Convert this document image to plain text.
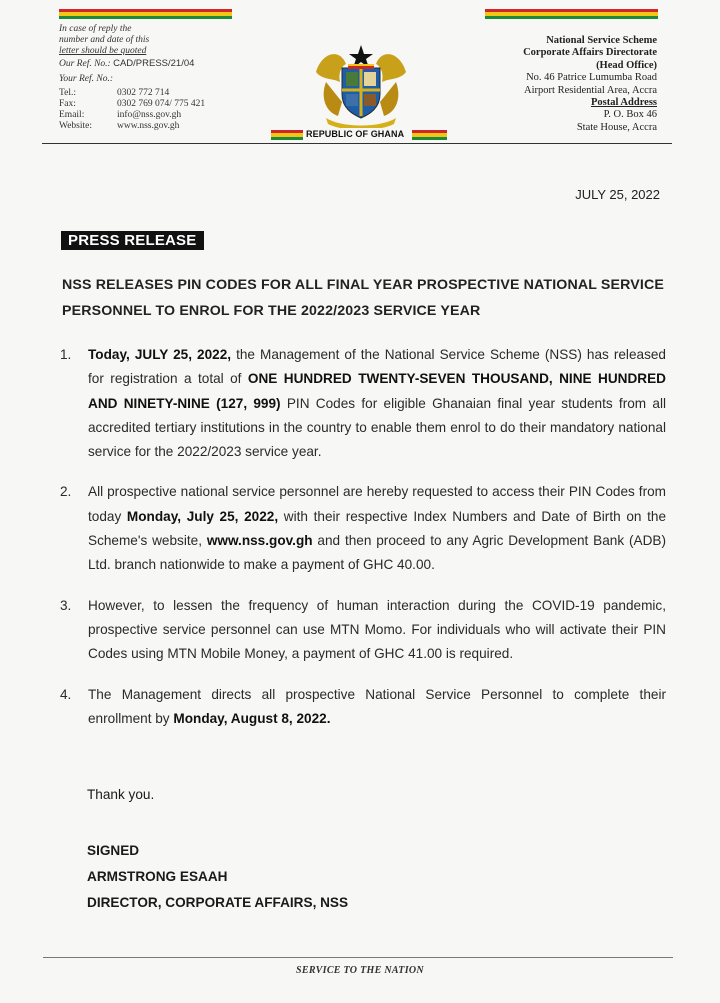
In case of reply the
number and date of this
letter should be quoted
Our Ref. No.: CAD/PRESS/21/04
Your Ref. No.:
Tel.:	0302 772 714
Fax:	0302 769 074/ 775 421
Email:	info@nss.gov.gh
Website:	www.nss.gov.gh
REPUBLIC OF GHANA
National Service Scheme
Corporate Affairs Directorate
(Head Office)
No. 46 Patrice Lumumba Road
Airport Residential Area, Accra
Postal Address
P. O. Box 46
State House, Accra
JULY 25, 2022
PRESS RELEASE
NSS RELEASES PIN CODES FOR ALL FINAL YEAR PROSPECTIVE NATIONAL SERVICE PERSONNEL TO ENROL FOR THE 2022/2023 SERVICE YEAR
1. Today, JULY 25, 2022, the Management of the National Service Scheme (NSS) has released for registration a total of ONE HUNDRED TWENTY-SEVEN THOUSAND, NINE HUNDRED AND NINETY-NINE (127, 999) PIN Codes for eligible Ghanaian final year students from all accredited tertiary institutions in the country to enable them enrol to do their mandatory national service for the 2022/2023 service year.
2. All prospective national service personnel are hereby requested to access their PIN Codes from today Monday, July 25, 2022, with their respective Index Numbers and Date of Birth on the Scheme's website, www.nss.gov.gh and then proceed to any Agric Development Bank (ADB) Ltd. branch nationwide to make a payment of GHC 40.00.
3. However, to lessen the frequency of human interaction during the COVID-19 pandemic, prospective service personnel can use MTN Momo. For individuals who will activate their PIN Codes using MTN Mobile Money, a payment of GHC 41.00 is required.
4. The Management directs all prospective National Service Personnel to complete their enrollment by Monday, August 8, 2022.
Thank you.
SIGNED
ARMSTRONG ESAAH
DIRECTOR, CORPORATE AFFAIRS, NSS
SERVICE TO THE NATION
